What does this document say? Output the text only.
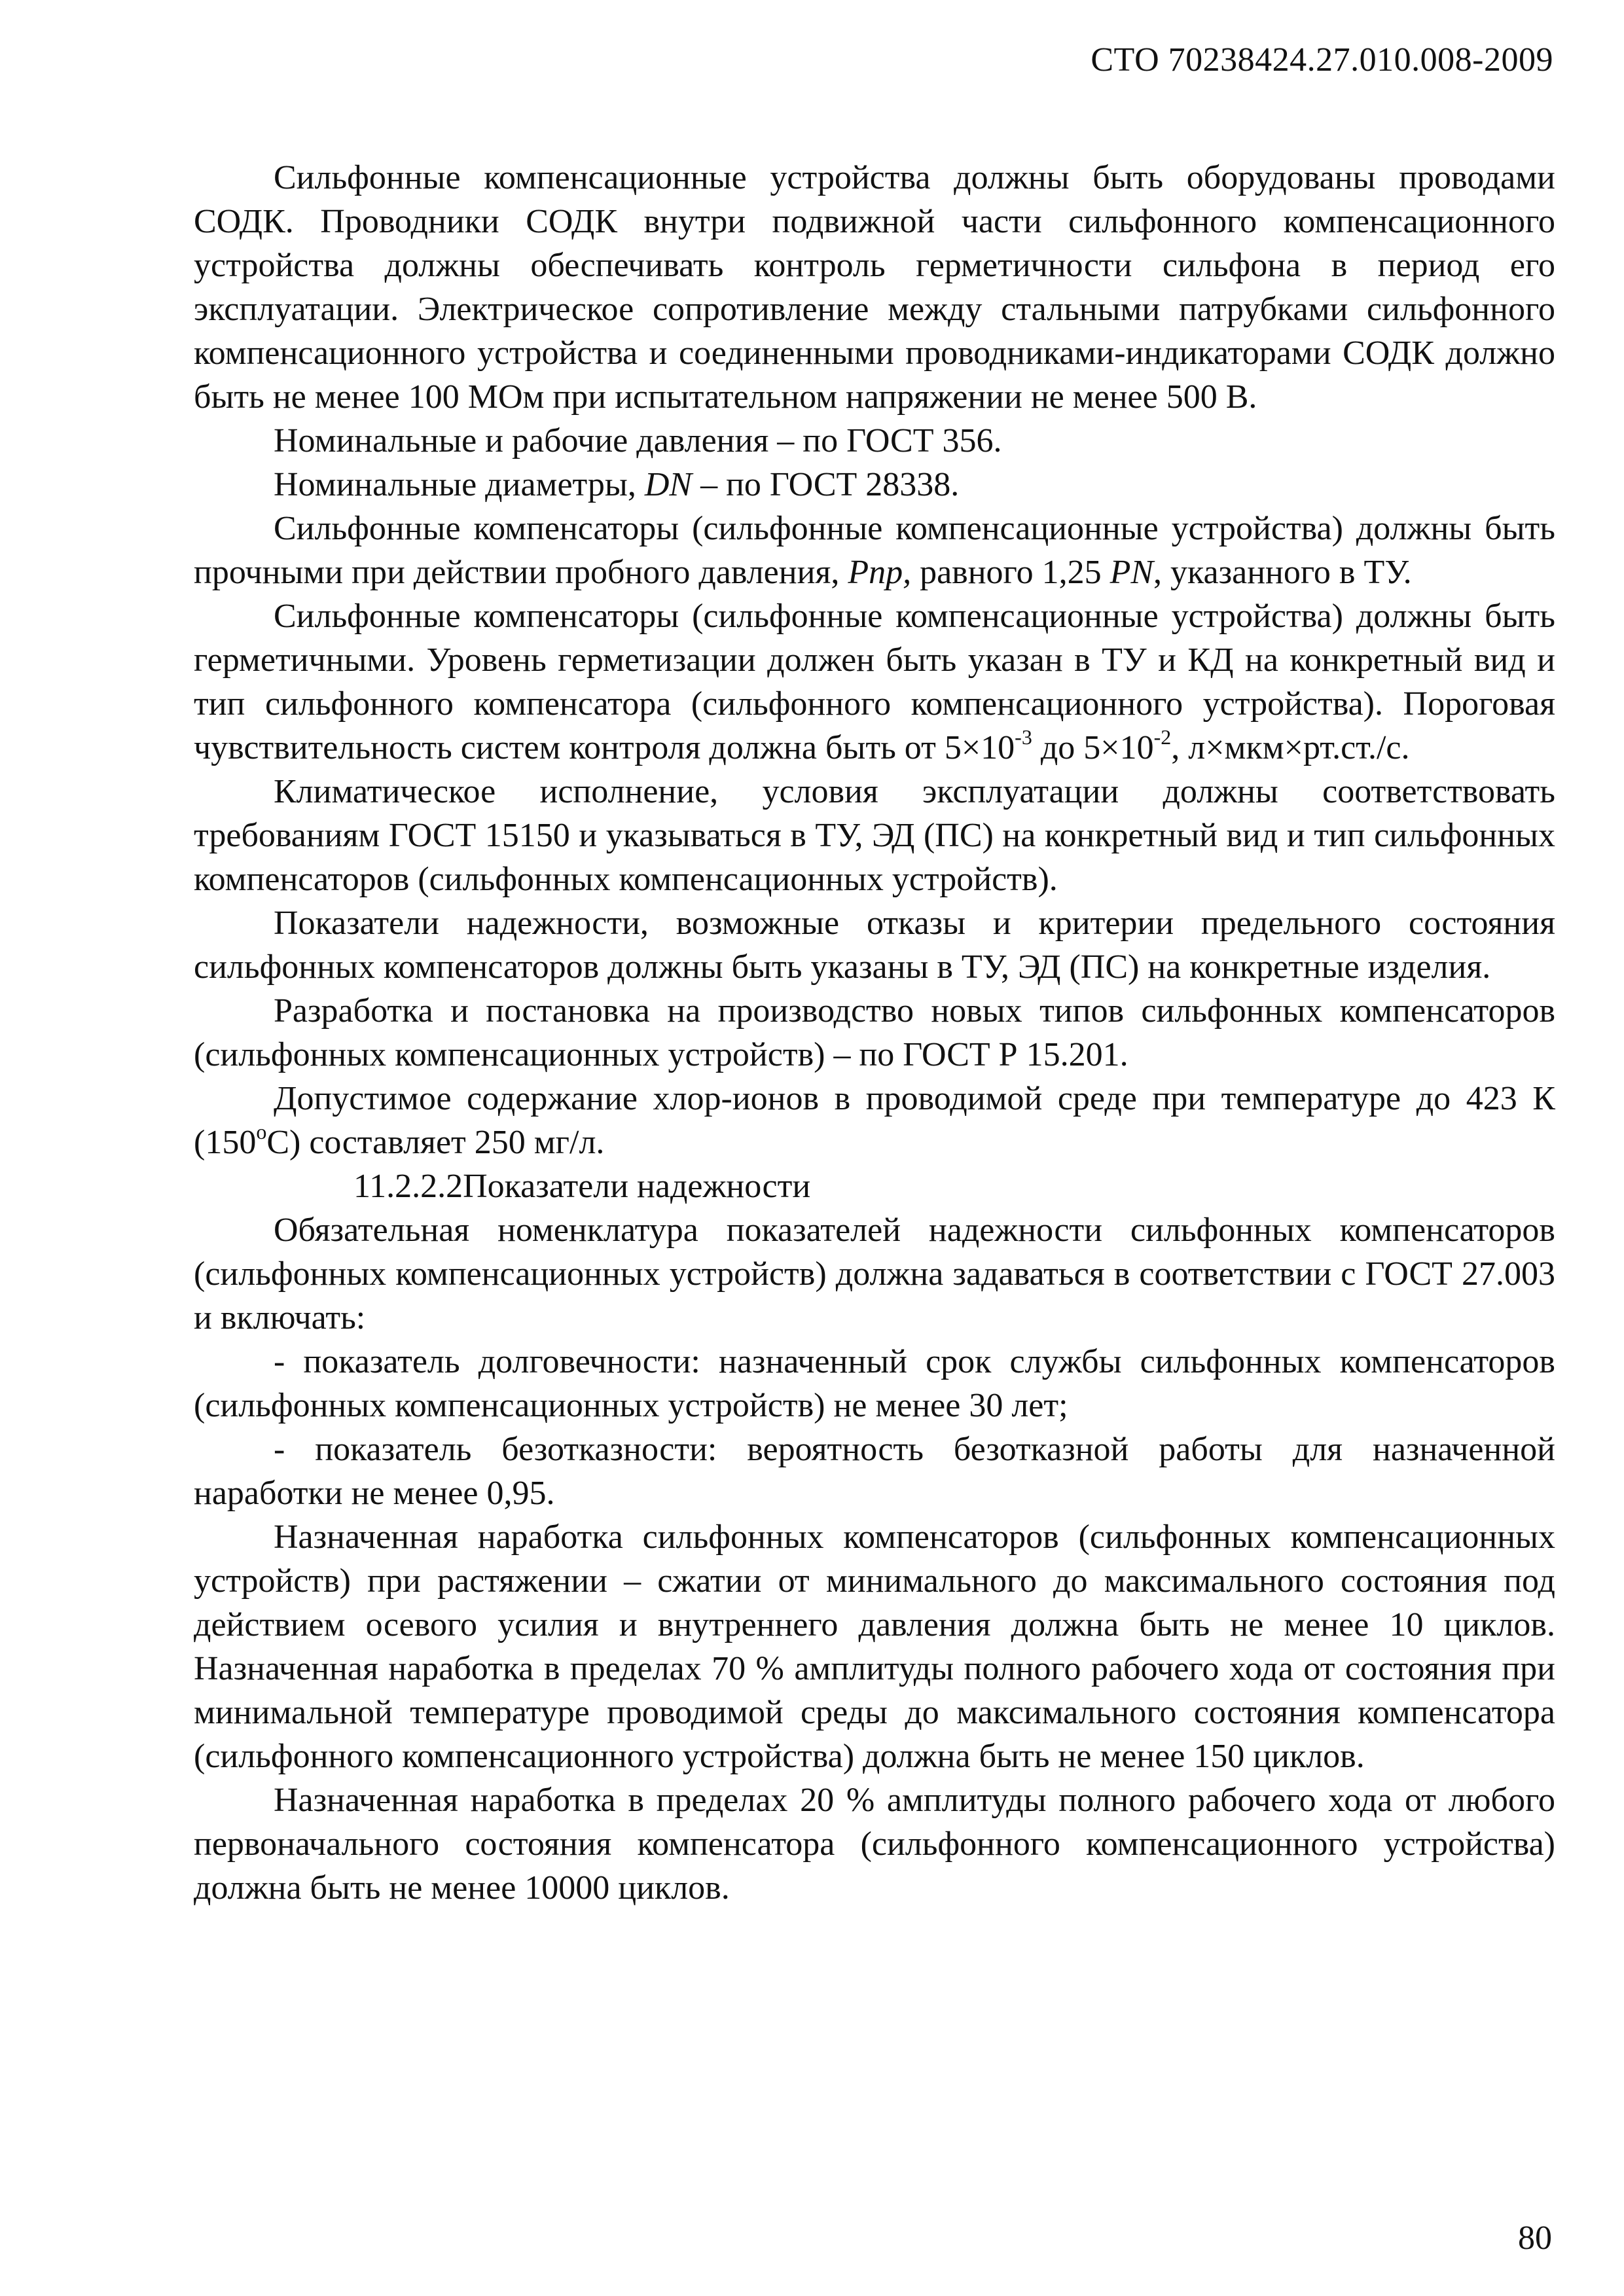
СТО 70238424.27.010.008-2009

Сильфонные компенсационные устройства должны быть оборудованы проводами СОДК. Проводники СОДК внутри подвижной части сильфонного компенсационного устройства должны обеспечивать контроль герметичности сильфона в период его эксплуатации. Электрическое сопротивление между стальными патрубками сильфонного компенсационного устройства и соединенными проводниками-индикаторами СОДК должно быть не менее 100 МОм при испытательном напряжении не менее 500 В.

Номинальные и рабочие давления – по ГОСТ 356.

Номинальные диаметры, DN – по ГОСТ 28338.

Сильфонные компенсаторы (сильфонные компенсационные устройства) должны быть прочными при действии пробного давления, Рпр, равного 1,25 PN, указанного в ТУ.

Сильфонные компенсаторы (сильфонные компенсационные устройства) должны быть герметичными. Уровень герметизации должен быть указан в ТУ и КД на конкретный вид и тип сильфонного компенсатора (сильфонного компенсационного устройства). Пороговая чувствительность систем контроля должна быть от $5\times 10^{-3}$ до $5\times 10^{-2}$, л×мкм×рт.ст./с.

Климатическое исполнение, условия эксплуатации должны соответствовать требованиям ГОСТ 15150 и указываться в ТУ, ЭД (ПС) на конкретный вид и тип сильфонных компенсаторов (сильфонных компенсационных устройств).

Показатели надежности, возможные отказы и критерии предельного состояния сильфонных компенсаторов должны быть указаны в ТУ, ЭД (ПС) на конкретные изделия.

Разработка и постановка на производство новых типов сильфонных компенсаторов (сильфонных компенсационных устройств) – по ГОСТ Р 15.201.

Допустимое содержание хлор-ионов в проводимой среде при температуре до 423 К $(150^оС)$ составляет 250 мг/л.

11.2.2.2Показатели надежности

Обязательная номенклатура показателей надежности сильфонных компенсаторов (сильфонных компенсационных устройств) должна задаваться в соответствии с ГОСТ 27.003 и включать:

- показатель долговечности: назначенный срок службы сильфонных компенсаторов (сильфонных компенсационных устройств) не менее 30 лет;

- показатель безотказности: вероятность безотказной работы для назначенной наработки не менее 0,95.

Назначенная наработка сильфонных компенсаторов (сильфонных компенсационных устройств) при растяжении – сжатии от минимального до максимального состояния под действием осевого усилия и внутреннего давления должна быть не менее 10 циклов. Назначенная наработка в пределах 70 % амплитуды полного рабочего хода от состояния при минимальной температуре проводимой среды до максимального состояния компенсатора (сильфонного компенсационного устройства) должна быть не менее 150 циклов.

Назначенная наработка в пределах 20 % амплитуды полного рабочего хода от любого первоначального состояния компенсатора (сильфонного компенсационного устройства) должна быть не менее 10000 циклов.

80
